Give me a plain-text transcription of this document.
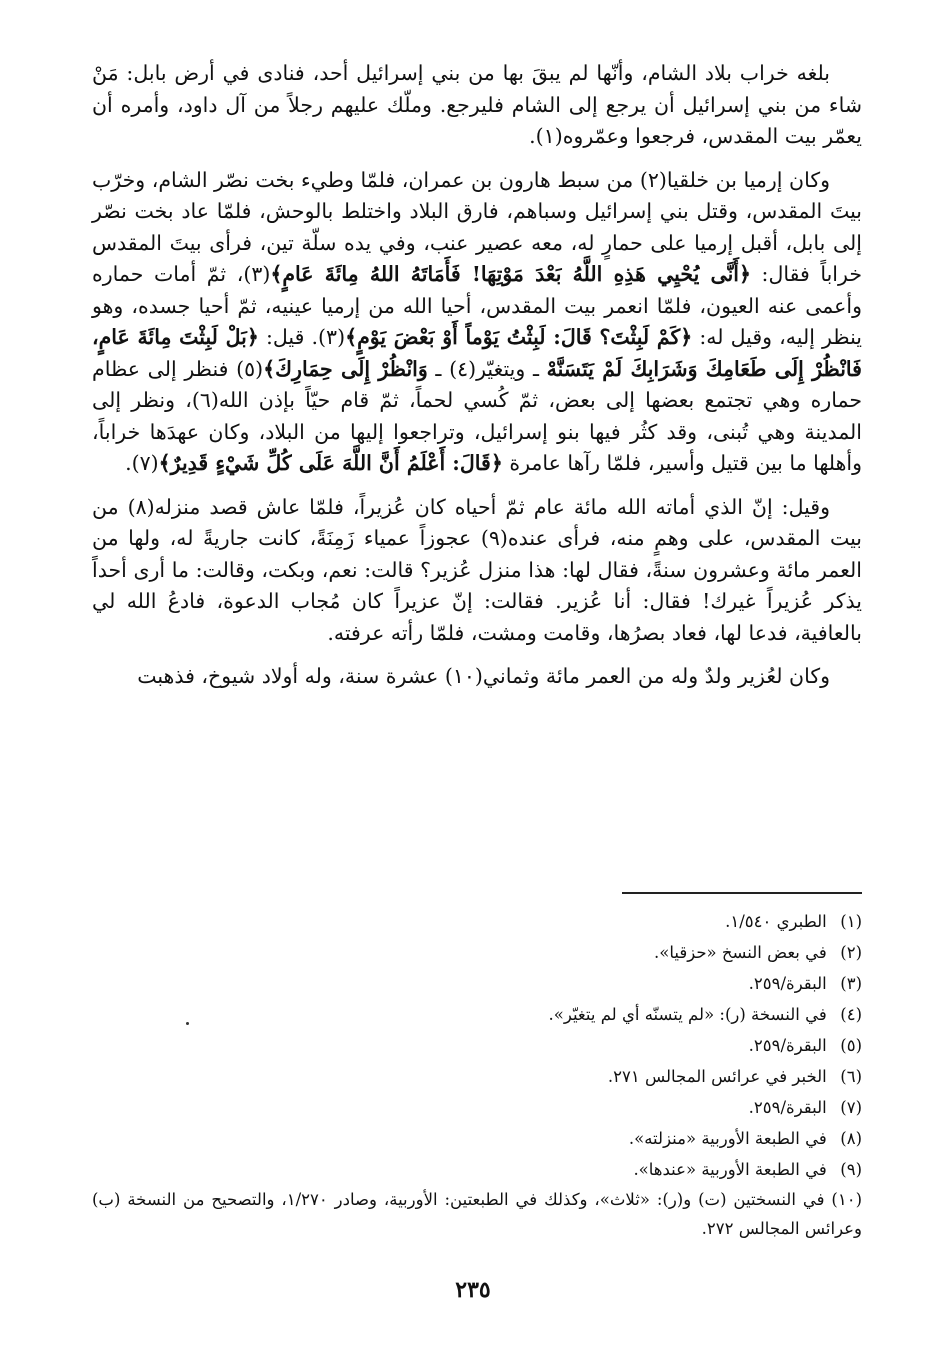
بلغه خراب بلاد الشام، وأنّها لم يبقَ بها من بني إسرائيل أحد، فنادى في أرض بابل: مَنْ شاء من بني إسرائيل أن يرجع إلى الشام فليرجع. وملّك عليهم رجلاً من آل داود، وأمره أن يعمّر بيت المقدس، فرجعوا وعمّروه(١).

وكان إرميا بن خلقيا(٢) من سبط هارون بن عمران، فلمّا وطيء بخت نصّر الشام، وخرّب بيتَ المقدس، وقتل بني إسرائيل وسباهم، فارق البلاد واختلط بالوحش، فلمّا عاد بخت نصّر إلى بابل، أقبل إرميا على حمارٍ له، معه عصير عنب، وفي يده سلّة تين، فرأى بيتَ المقدس خراباً فقال: ﴿أَنَّى يُحْيِي هَذِهِ اللَّهُ بَعْدَ مَوْتِهَا! فَأَمَاتَهُ اللهُ مِائَةَ عَامٍ﴾(٣)، ثمّ أمات حماره وأعمى عنه العيون، فلمّا انعمر بيت المقدس، أحيا الله من إرميا عينيه، ثمّ أحيا جسده، وهو ينظر إليه، وقيل له: ﴿كَمْ لَبِثْتَ؟ قَالَ: لَبِثْتُ يَوْماً أَوْ بَعْضَ يَوْمٍ﴾(٣). قيل: ﴿بَلْ لَبِثْتَ مِائَةَ عَامٍ، فَانْظُرْ إِلَى طَعَامِكَ وَشَرَابِكَ لَمْ يَتَسَنَّهْ ـ ويتغيّر(٤) ـ وَانْظُرْ إِلَى حِمَارِكَ﴾(٥) فنظر إلى عظام حماره وهي تجتمع بعضها إلى بعض، ثمّ كُسي لحماً، ثمّ قام حيّاً بإذن الله(٦)، ونظر إلى المدينة وهي تُبنى، وقد كثُر فيها بنو إسرائيل، وتراجعوا إليها من البلاد، وكان عهدَها خراباً، وأهلها ما بين قتيل وأسير، فلمّا رآها عامرة ﴿قَالَ: أَعْلَمُ أَنَّ اللَّهَ عَلَى كُلِّ شَيْءٍ قَدِيرٌ﴾(٧).

وقيل: إنّ الذي أماته الله مائة عام ثمّ أحياه كان عُزيراً، فلمّا عاش قصد منزله(٨) من بيت المقدس، على وهمٍ منه، فرأى عنده(٩) عجوزاً عمياء زَمِنَةً، كانت جاريةً له، ولها من العمر مائة وعشرون سنةً، فقال لها: هذا منزل عُزير؟ قالت: نعم، وبكت، وقالت: ما أرى أحداً يذكر عُزيراً غيرك! فقال: أنا عُزير. فقالت: إنّ عزيراً كان مُجاب الدعوة، فادعُ الله لي بالعافية، فدعا لها، فعاد بصرُها، وقامت ومشت، فلمّا رأته عرفته.

وكان لعُزير ولدٌ وله من العمر مائة وثماني(١٠) عشرة سنة، وله أولاد شيوخ، فذهبت

(١) الطبري ١/٥٤٠.
(٢) في بعض النسخ «حزقيا».
(٣) البقرة/٢٥٩.
(٤) في النسخة (ر): «لم يتسنّه أي لم يتغيّر».
(٥) البقرة/٢٥٩.
(٦) الخبر في عرائس المجالس ٢٧١.
(٧) البقرة/٢٥٩.
(٨) في الطبعة الأوربية «منزلته».
(٩) في الطبعة الأوربية «عندها».
(١٠) في النسختين (ت) و(ر): «ثلاث»، وكذلك في الطبعتين: الأوربية، وصادر ١/٢٧٠، والتصحيح من النسخة (ب) وعرائس المجالس ٢٧٢.
٢٣٥
